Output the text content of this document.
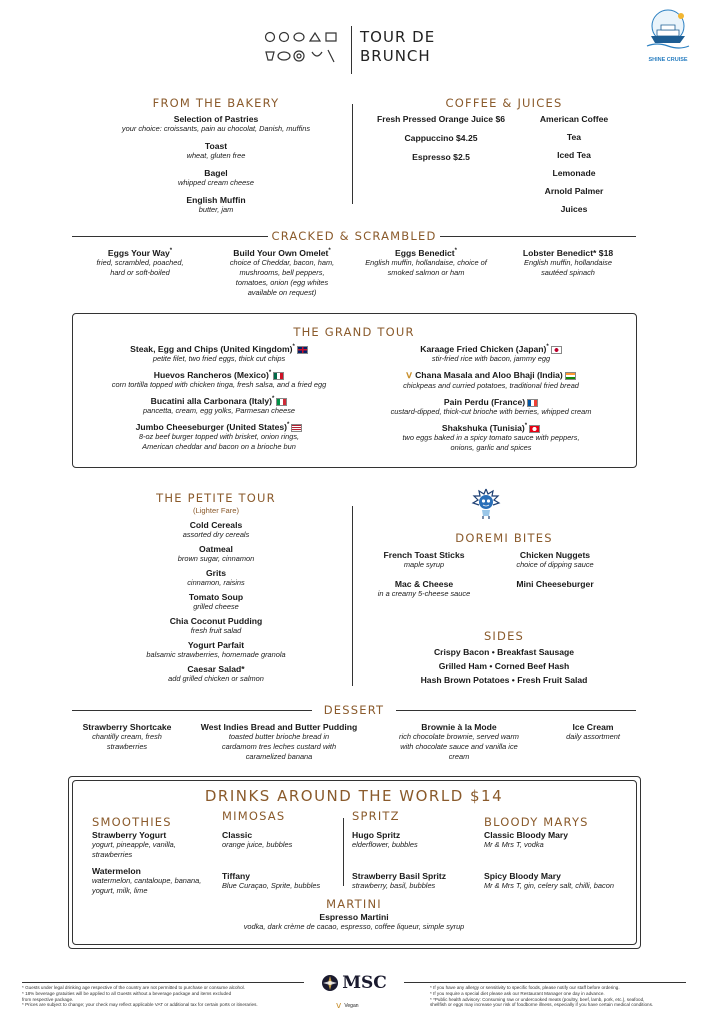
TOUR DE
BRUNCH	SHINE CRUISE
FROM THE BAKERY
Selection of Pastries
your choice: croissants, pain au chocolat, Danish, muffins
Toast
wheat, gluten free
Bagel
whipped cream cheese
English Muffin
butter, jam
COFFEE & JUICES
Fresh Pressed Orange Juice $6
Cappuccino $4.25
Espresso $2.5
American Coffee
Tea
Iced Tea
Lemonade
Arnold Palmer
Juices
CRACKED & SCRAMBLED
Eggs Your Way*
fried, scrambled, poached, hard or soft-boiled
Build Your Own Omelet*
choice of Cheddar, bacon, ham, mushrooms, bell peppers, tomatoes, onion (egg whites available on request)
Eggs Benedict*
English muffin, hollandaise, choice of smoked salmon or ham
Lobster Benedict* $18
English muffin, hollandaise sautéed spinach
THE GRAND TOUR
Steak, Egg and Chips (United Kingdom)*
petite filet, two fried eggs, thick cut chips
Huevos Rancheros (Mexico)*
corn tortilla topped with chicken tinga, fresh salsa, and a fried egg
Bucatini alla Carbonara (Italy)*
pancetta, cream, egg yolks, Parmesan cheese
Jumbo Cheeseburger (United States)*
8-oz beef burger topped with brisket, onion rings, American cheddar and bacon on a brioche bun
Karaage Fried Chicken (Japan)*
stir-fried rice with bacon, jammy egg
ⅴ Chana Masala and Aloo Bhaji (India)
chickpeas and curried potatoes, traditional fried bread
Pain Perdu (France)
custard-dipped, thick-cut brioche with berries, whipped cream
Shakshuka (Tunisia)*
two eggs baked in a spicy tomato sauce with peppers, onions, garlic and spices
THE PETITE TOUR
(Lighter Fare)
Cold Cereals
assorted dry cereals
Oatmeal
brown sugar, cinnamon
Grits
cinnamon, raisins
Tomato Soup
grilled cheese
Chia Coconut Pudding
fresh fruit salad
Yogurt Parfait
balsamic strawberries, homemade granola
Caesar Salad*
add grilled chicken or salmon
DOREMI BITES
French Toast Sticks
maple syrup
Chicken Nuggets
choice of dipping sauce
Mac & Cheese
in a creamy 5-cheese sauce
Mini Cheeseburger
SIDES
Crispy Bacon • Breakfast Sausage
Grilled Ham • Corned Beef Hash
Hash Brown Potatoes • Fresh Fruit Salad
DESSERT
Strawberry Shortcake
chantilly cream, fresh strawberries
West Indies Bread and Butter Pudding
toasted butter brioche bread in cardamom tres leches custard with caramelized banana
Brownie à la Mode
rich chocolate brownie, served warm with chocolate sauce and vanilla ice cream
Ice Cream
daily assortment
DRINKS AROUND THE WORLD $14
SMOOTHIES
Strawberry Yogurt
yogurt, pineapple, vanilla, strawberries
Watermelon
watermelon, cantaloupe, banana, yogurt, milk, lime
MIMOSAS
Classic
orange juice, bubbles
Tiffany
Blue Curaçao, Sprite, bubbles
SPRITZ
Hugo Spritz
elderflower, bubbles
Strawberry Basil Spritz
strawberry, basil, bubbles
BLOODY MARYS
Classic Bloody Mary
Mr & Mrs T, vodka
Spicy Bloody Mary
Mr & Mrs T, gin, celery salt, chilli, bacon
MARTINI
Espresso Martini
vodka, dark crème de cacao, espresso, coffee liqueur, simple syrup
* Guests under legal drinking age respective of the country are not permitted to purchase or consume alcohol.
* 18% beverage gratuities will be applied to all Guests without a beverage package and items excluded
from respective package.
* Prices are subject to change; your check may reflect applicable VAT or additional tax for certain ports or itineraries.
MSC
ⅴ Vegan
* If you have any allergy or sensitivity to specific foods, please notify our staff before ordering.
* If you require a special diet please ask our Restaurant Manager one day in advance.
* *Public health advisory: Consuming raw or undercooked meats (poultry, beef, lamb, pork, etc.), seafood,
shellfish or eggs may increase your risk of foodborne illness, especially if you have certain medical conditions.
